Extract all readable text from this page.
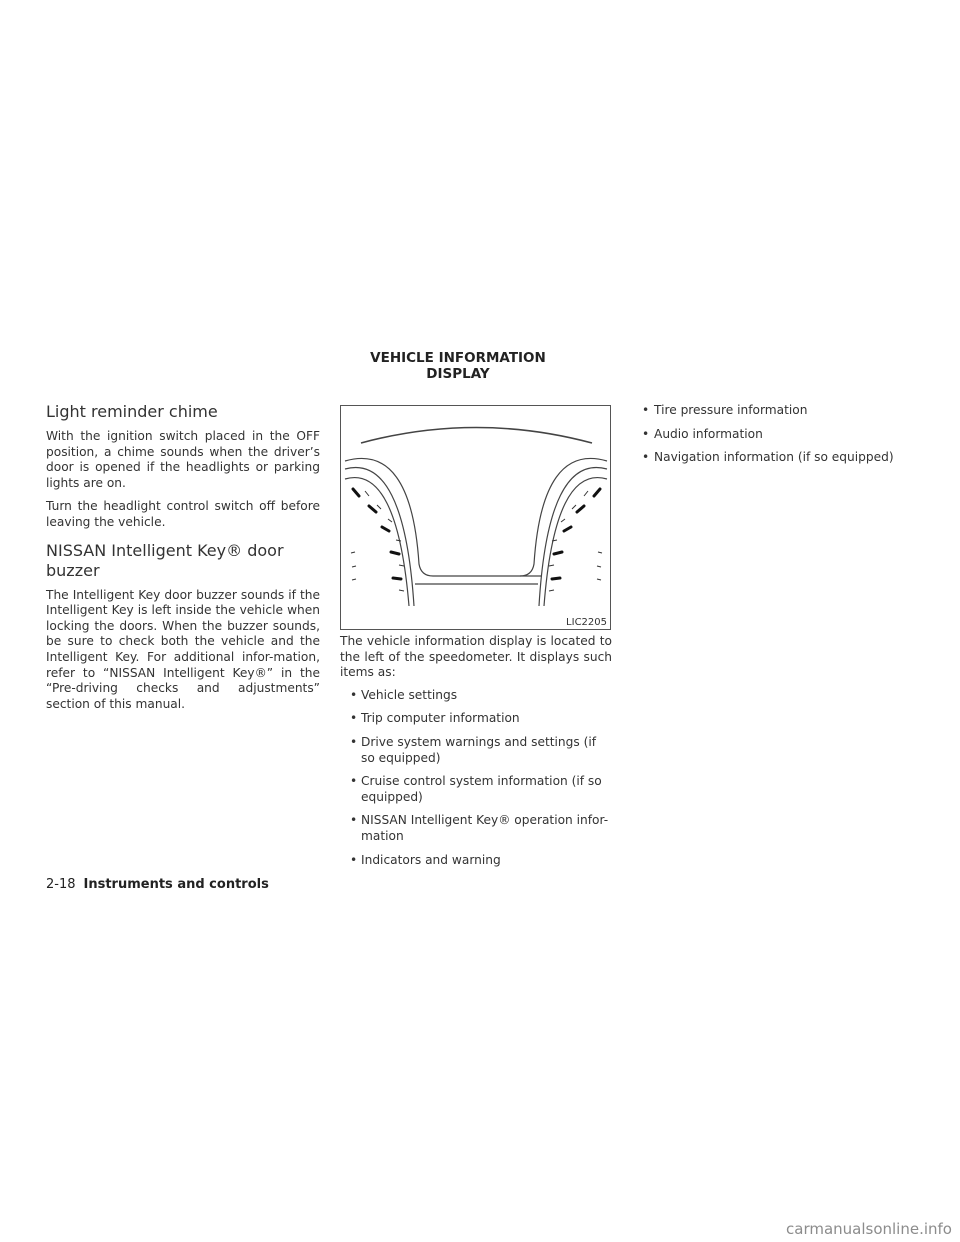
VEHICLE INFORMATION DISPLAY
Light reminder chime

With the ignition switch placed in the OFF position, a chime sounds when the driver’s door is opened if the headlights or parking lights are on.

Turn the headlight control switch off before leaving the vehicle.

NISSAN Intelligent Key® door
buzzer

The Intelligent Key door buzzer sounds if the Intelligent Key is left inside the vehicle when locking the doors. When the buzzer sounds, be sure to check both the vehicle and the Intelligent Key. For additional infor-mation, refer to “NISSAN Intelligent Key®” in the “Pre-driving checks and adjustments”

section of this manual.

LIC2205

The vehicle information display is located to the left of the speedometer. It displays such items as:

• Vehicle settings
• Trip computer information
• Drive system warnings and settings (if so equipped)
• Cruise control system information (if so equipped)
• NISSAN Intelligent Key® operation infor-mation
• Indicators and warning
• Tire pressure information
• Audio information
• Navigation information (if so equipped)
2-18 Instruments and controls
carmanualsonline.info
